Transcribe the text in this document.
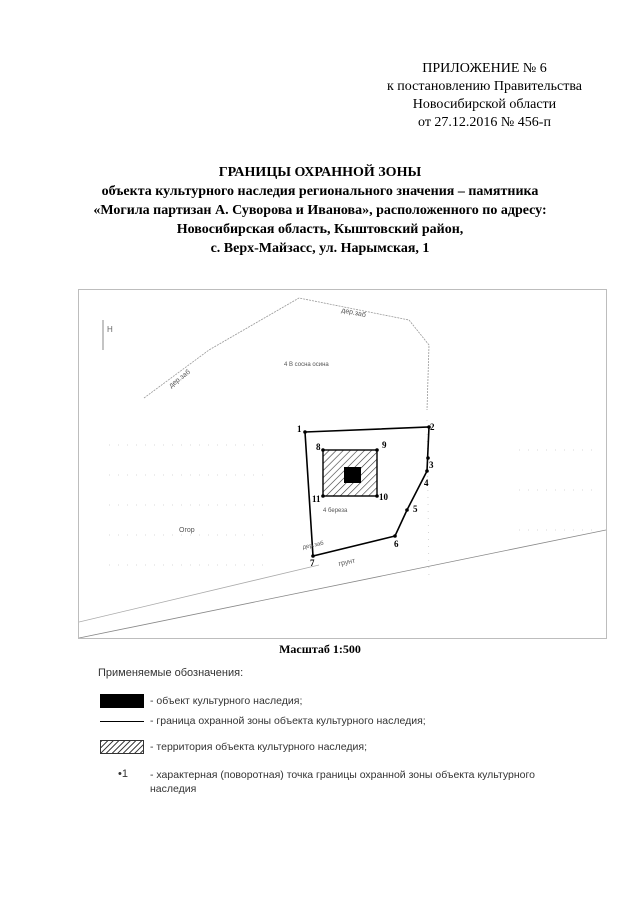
ПРИЛОЖЕНИЕ № 6
к постановлению Правительства
Новосибирской области
от 27.12.2016 № 456-п
ГРАНИЦЫ ОХРАННОЙ ЗОНЫ
объекта культурного наследия регионального значения – памятника
«Могила партизан А. Суворова и Иванова», расположенного по адресу:
Новосибирская область, Кыштовский район,
с. Верх-Майзасс, ул. Нарымская, 1
Н
дер.заб
дер.заб
4 В сосна осина
Огор
грунт
дер.заб
4 береза
1	2
3
4
5
6
7
8	9
10
11
Масштаб 1:500
Применяемые обозначения:
- объект культурного наследия;
- граница охранной зоны объекта культурного наследия;
- территория объекта культурного наследия;
•1 - характерная (поворотная) точка границы охранной зоны объекта культурного наследия
